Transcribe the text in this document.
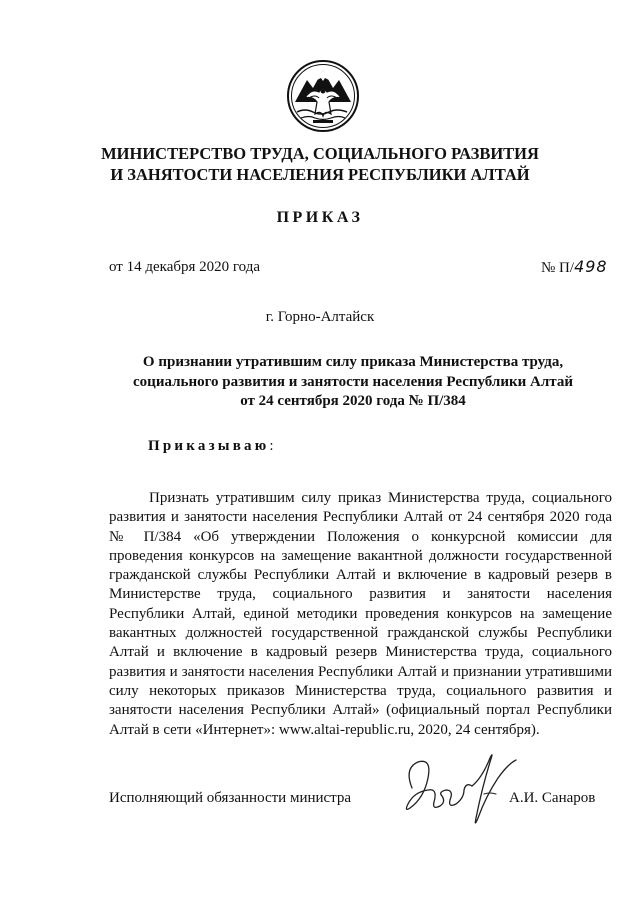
МИНИСТЕРСТВО ТРУДА, СОЦИАЛЬНОГО РАЗВИТИЯ
И ЗАНЯТОСТИ НАСЕЛЕНИЯ РЕСПУБЛИКИ АЛТАЙ
ПРИКАЗ
от 14 декабря 2020 года	№ П/498
г. Горно-Алтайск
О признании утратившим силу приказа Министерства труда,
социального развития и занятости населения Республики Алтай
от 24 сентября 2020 года № П/384
Приказываю:

Признать утратившим силу приказ Министерства труда, социального развития и занятости населения Республики Алтай от 24 сентября 2020 года № П/384 «Об утверждении Положения о конкурсной комиссии для проведения конкурсов на замещение вакантной должности государственной гражданской службы Республики Алтай и включение в кадровый резерв в Министерстве труда, социального развития и занятости населения Республики Алтай, единой методики проведения конкурсов на замещение вакантных должностей государственной гражданской службы Республики Алтай и включение в кадровый резерв Министерства труда, социального развития и занятости населения Республики Алтай и признании утратившими силу некоторых приказов Министерства труда, социального развития и занятости населения Республики Алтай» (официальный портал Республики Алтай в сети «Интернет»: www.altai-republic.ru, 2020, 24 сентября).

Исполняющий обязанности министра	А.И. Санаров
